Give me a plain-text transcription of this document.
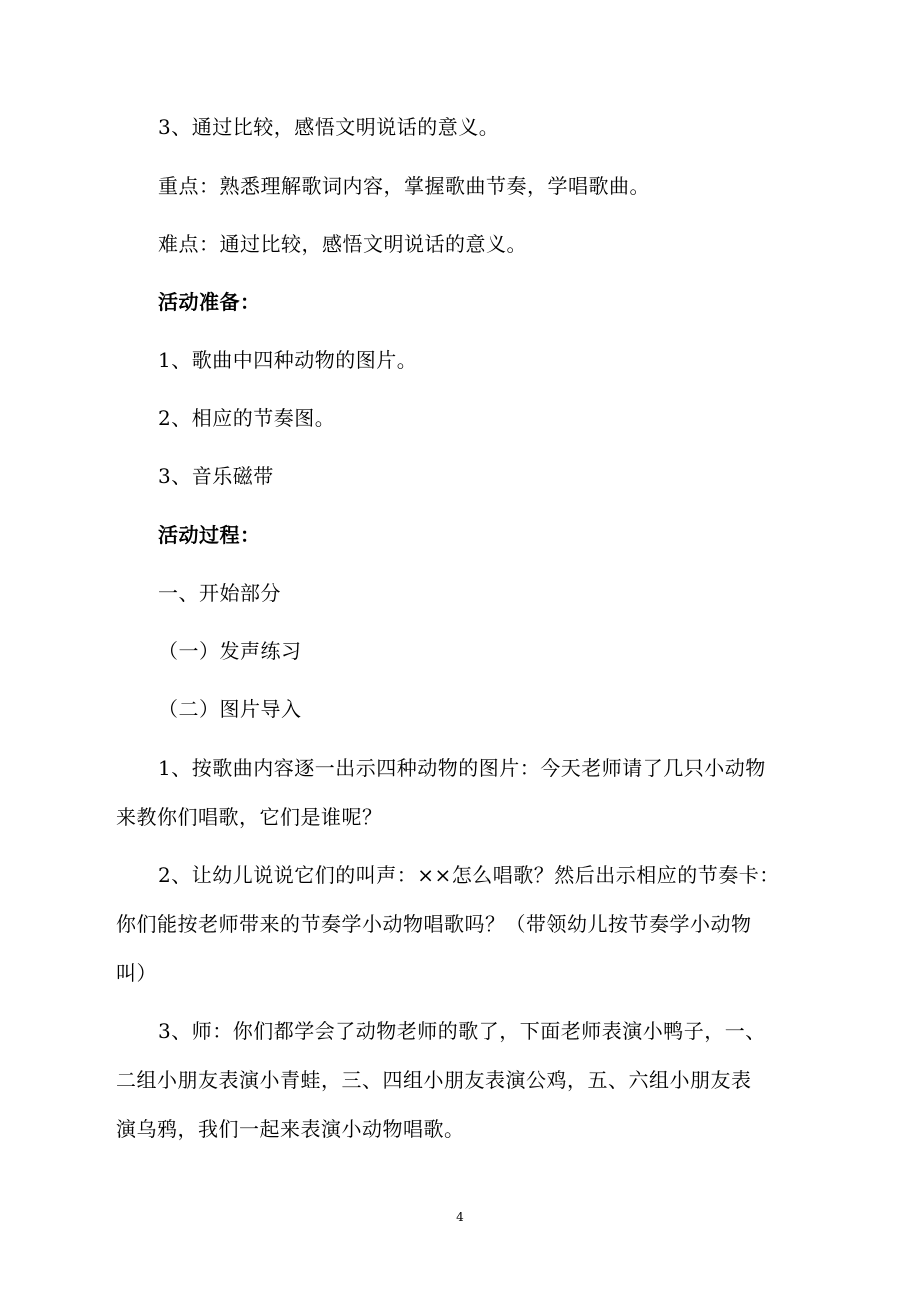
3、通过比较，感悟文明说话的意义。
重点：熟悉理解歌词内容，掌握歌曲节奏，学唱歌曲。
难点：通过比较，感悟文明说话的意义。
活动准备：
1、歌曲中四种动物的图片。
2、相应的节奏图。
3、音乐磁带
活动过程：
一、开始部分
（一）发声练习
（二）图片导入
1、按歌曲内容逐一出示四种动物的图片：今天老师请了几只小动物
来教你们唱歌，它们是谁呢？
2、让幼儿说说它们的叫声：××怎么唱歌？然后出示相应的节奏卡：
你们能按老师带来的节奏学小动物唱歌吗？（带领幼儿按节奏学小动物
叫）
3、师：你们都学会了动物老师的歌了，下面老师表演小鸭子，一、
二组小朋友表演小青蛙，三、四组小朋友表演公鸡，五、六组小朋友表
演乌鸦，我们一起来表演小动物唱歌。
4
